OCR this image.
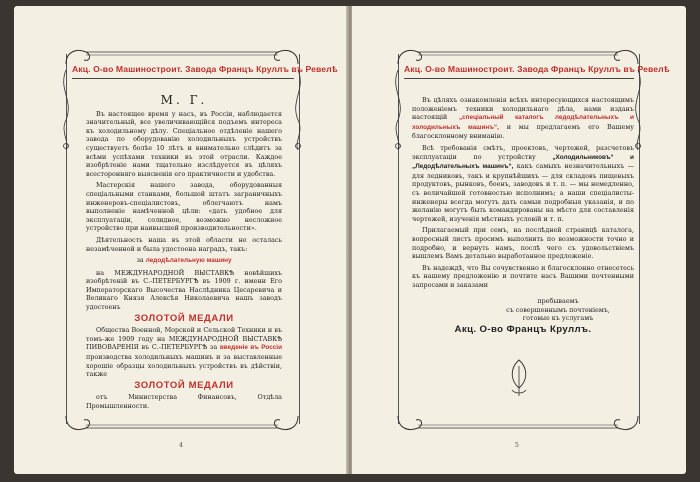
Акц. О-во Машиностроит. Завода Францъ Круллъ въ Ревелѣ
М. Г.

Въ настоящее время у насъ, въ Россіи, наблюдается значительный, все увеличивающійся подъемъ интереса къ холодильному дѣлу. Спеціальное отдѣленіе нашего завода по оборудованію холодильныхъ устройствъ существуетъ болѣе 10 лѣтъ и внимательно слѣдитъ за всѣми успѣхами техники въ этой отрасли. Каждое изобрѣтеніе нами тщательно изслѣдуется въ цѣляхъ всесторонняго выясненія его практичности и удобства.

Мастерскія нашего завода, оборудованныя спеціальными станками, большой штатъ заграничныхъ инженеровъ-спеціалистовъ, облегчаютъ намъ выполненіе намѣченной цѣли: «дать удобное для эксплуатаціи, солидное, возможно несложное устройство при наивысшей производительности».

Дѣятельность наша въ этой области не осталась незамѣченной и была удостоена наградъ, такъ:

за ледодѣлательную машину

на МЕЖДУНАРОДНОЙ ВЫСТАВКѢ новѣйшихъ изобрѣтеній въ С.-ПЕТЕРБУРГѢ въ 1909 г. имени Его Императорскаго Высочества Наслѣдника Цесаревича и Великаго Князя Алексѣя Николаевича нашъ заводъ удостоенъ

ЗОЛОТОЙ МЕДАЛИ

Общества Военной, Морской и Сельской Техники и въ томъ-же 1909 году на МЕЖДУНАРОДНОЙ ВЫСТАВКѢ ПИВОВАРЕНІЯ въ С.-ПЕТЕРБУРГѢ за введеніе въ Россіи производства холодильныхъ машинъ и за выставленные хорошіе образцы холодильныхъ устройствъ въ дѣйствіи, также

ЗОЛОТОЙ МЕДАЛИ

отъ Министерства Финансовъ, Отдѣла Промышленности.

4
Акц. О-во Машиностроит. Завода Францъ Круллъ въ Ревелѣ

Въ цѣляхъ ознакомленія всѣхъ интересующихся настоящимъ положеніемъ техники холодильнаго дѣла, нами изданъ настоящій „спеціальный каталогъ ледодѣлательныхъ и холодильныхъ машинъ“, и мы предлагаемъ его Вашему благосклонному вниманію.

Всѣ требованія смѣтъ, проектовъ, чертежей, разсчетовъ эксплуатаціи по устройству	„Холодильниковъ“ и „Ледодѣлательныхъ машинъ“, какъ самыхъ незначительныхъ — для ледниковъ, такъ и крупнѣйшихъ — для складовъ пищевыхъ продуктовъ, рынковъ, боенъ, заводовъ и т. п. — мы немедленно, съ величайшей готовностью исполнимъ; а наши спеціалисты-инженеры всегда могутъ дать самыя подробныя указанія, и по желанію могутъ быть командированы на мѣсто для составленія чертежей, изученія мѣстныхъ условій и т. п.

Прилагаемый при семъ, на послѣдней страницѣ каталога, вопросный листъ просимъ выполнить по возможности точно и подробно, и вернуть намъ, послѣ чего съ удовольствіемъ вышлемъ Вамъ детально выработанное предложеніе.

Въ надеждѣ, что Вы сочувственно и благосклонно отнесетесь къ нашему предложенію и почтите насъ Вашими почтенными запросами и заказами

пребываемъ
съ совершеннымъ почтеніемъ,
готовые къ услугамъ
Акц. О-во Францъ Круллъ.
5
